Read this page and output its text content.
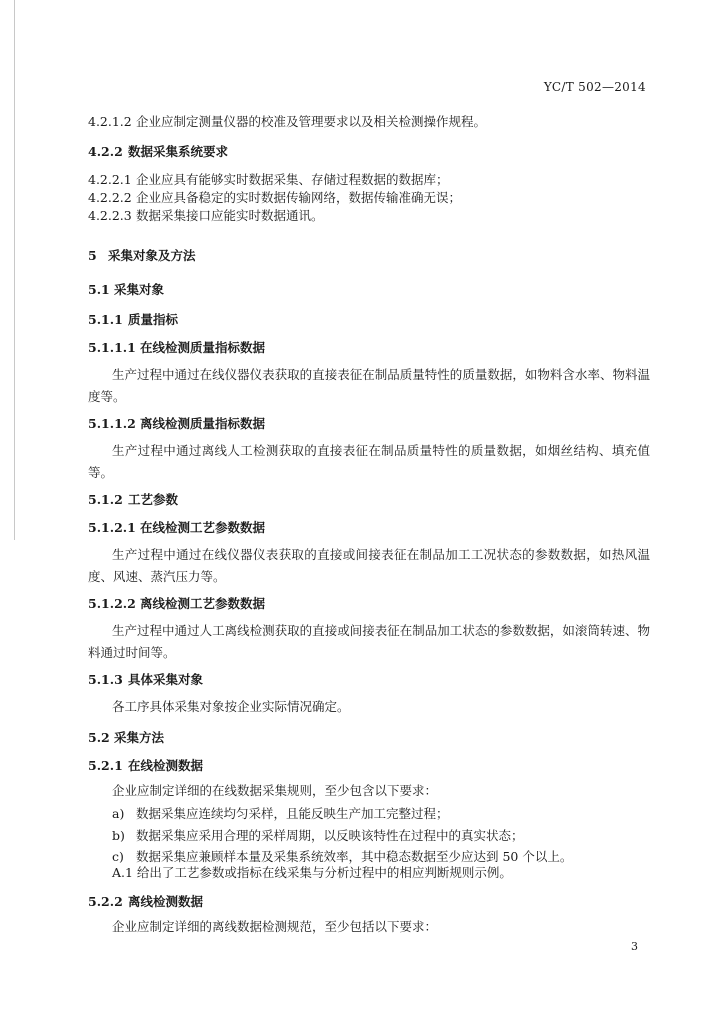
YC/T 502—2014
4.2.1.2 企业应制定测量仪器的校准及管理要求以及相关检测操作规程。
4.2.2 数据采集系统要求
4.2.2.1 企业应具有能够实时数据采集、存储过程数据的数据库；
4.2.2.2 企业应具备稳定的实时数据传输网络，数据传输准确无误；
4.2.2.3 数据采集接口应能实时数据通讯。
5 采集对象及方法
5.1 采集对象
5.1.1 质量指标
5.1.1.1 在线检测质量指标数据
生产过程中通过在线仪器仪表获取的直接表征在制品质量特性的质量数据，如物料含水率、物料温度等。
5.1.1.2 离线检测质量指标数据
生产过程中通过离线人工检测获取的直接表征在制品质量特性的质量数据，如烟丝结构、填充值等。
5.1.2 工艺参数
5.1.2.1 在线检测工艺参数数据
生产过程中通过在线仪器仪表获取的直接或间接表征在制品加工工况状态的参数数据，如热风温度、风速、蒸汽压力等。
5.1.2.2 离线检测工艺参数数据
生产过程中通过人工离线检测获取的直接或间接表征在制品加工状态的参数数据，如滚筒转速、物料通过时间等。
5.1.3 具体采集对象
各工序具体采集对象按企业实际情况确定。
5.2 采集方法
5.2.1 在线检测数据
企业应制定详细的在线数据采集规则，至少包含以下要求：
a) 数据采集应连续均匀采样，且能反映生产加工完整过程；
b) 数据采集应采用合理的采样周期，以反映该特性在过程中的真实状态；
c) 数据采集应兼顾样本量及采集系统效率，其中稳态数据至少应达到 50 个以上。
A.1 给出了工艺参数或指标在线采集与分析过程中的相应判断规则示例。
5.2.2 离线检测数据
企业应制定详细的离线数据检测规范，至少包括以下要求：
3
